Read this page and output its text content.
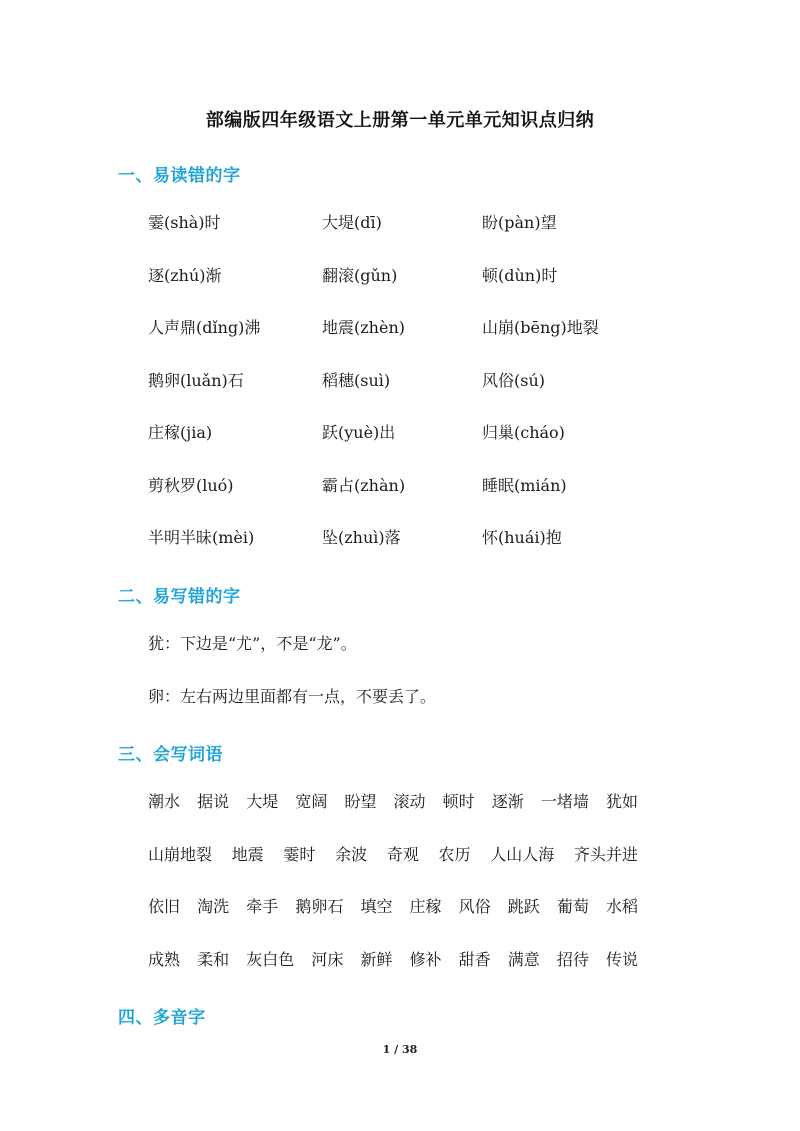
部编版四年级语文上册第一单元单元知识点归纳
一、易读错的字
霎(shà)时	大堤(dī)	盼(pàn)望
逐(zhú)渐	翻滚(gǔn)	顿(dùn)时
人声鼎(dǐng)沸	地震(zhèn)	山崩(bēng)地裂
鹅卵(luǎn)石	稻穗(suì)	风俗(sú)
庄稼(jia)	跃(yuè)出	归巢(cháo)
剪秋罗(luó)	霸占(zhàn)	睡眠(mián)
半明半昧(mèi)	坠(zhuì)落	怀(huái)抱
二、易写错的字
犹：下边是“尤”，不是“龙”。
卵：左右两边里面都有一点，不要丢了。
三、会写词语
潮水 据说 大堤 宽阔 盼望 滚动 顿时 逐渐 一堵墙 犹如
山崩地裂 地震 霎时 余波 奇观 农历 人山人海 齐头并进
依旧 淘洗 牵手 鹅卵石 填空 庄稼 风俗 跳跃 葡萄 水稻
成熟 柔和 灰白色 河床 新鲜 修补 甜香 满意 招待 传说
四、多音字
1 / 38
